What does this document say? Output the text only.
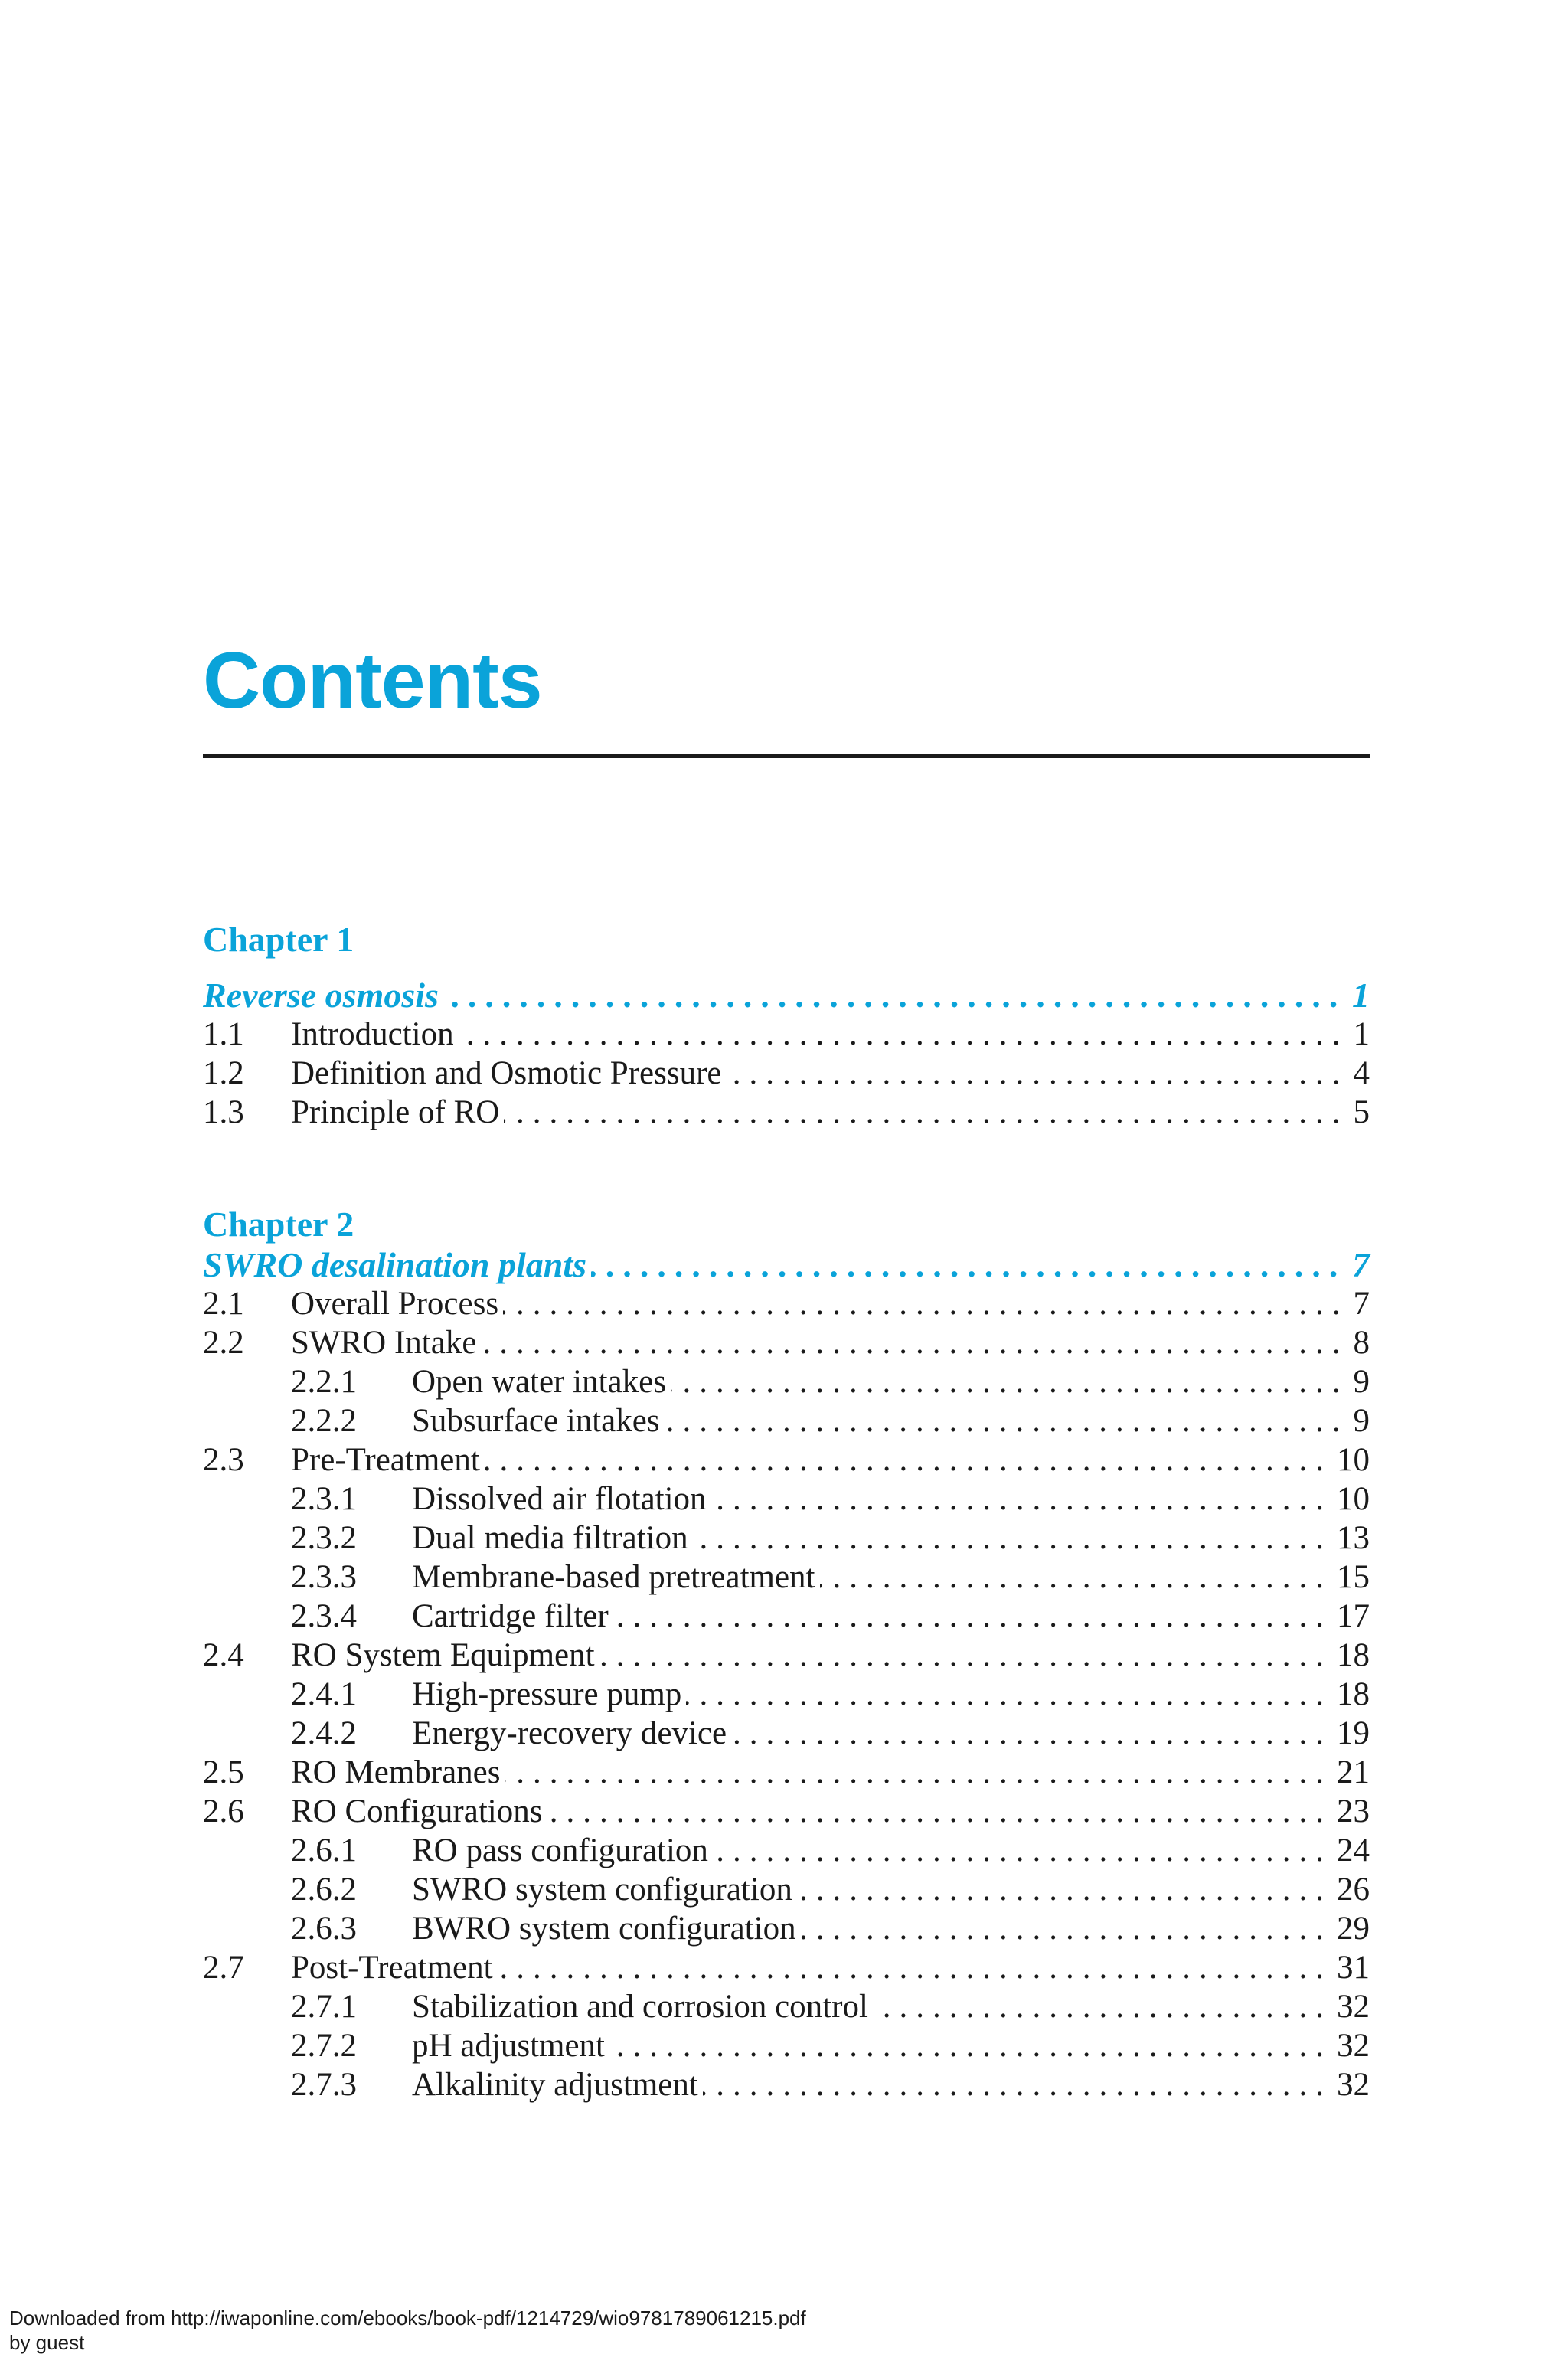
Contents
Chapter 1
Reverse osmosis .....	1
1.1	Introduction .....	1
1.2	Definition and Osmotic Pressure .....	4
1.3	Principle of RO .....	5
Chapter 2
SWRO desalination plants .....	7
2.1	Overall Process .....	7
2.2	SWRO Intake .....	8
2.2.1	Open water intakes .....	9
2.2.2	Subsurface intakes .....	9
2.3	Pre-Treatment .....	10
2.3.1	Dissolved air flotation .....	10
2.3.2	Dual media filtration .....	13
2.3.3	Membrane-based pretreatment .....	15
2.3.4	Cartridge filter .....	17
2.4	RO System Equipment .....	18
2.4.1	High-pressure pump .....	18
2.4.2	Energy-recovery device .....	19
2.5	RO Membranes .....	21
2.6	RO Configurations .....	23
2.6.1	RO pass configuration .....	24
2.6.2	SWRO system configuration .....	26
2.6.3	BWRO system configuration .....	29
2.7	Post-Treatment .....	31
2.7.1	Stabilization and corrosion control .....	32
2.7.2	pH adjustment .....	32
2.7.3	Alkalinity adjustment .....	32
Downloaded from http://iwaponline.com/ebooks/book-pdf/1214729/wio9781789061215.pdf
by guest
